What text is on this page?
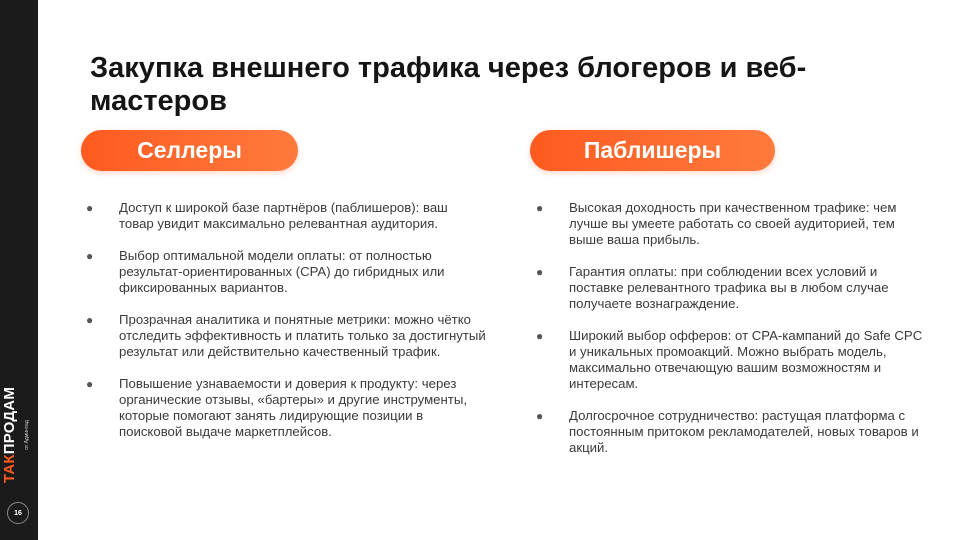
ТАКПРОДАМ от Админтад
16
Закупка внешнего трафика через блогеров и веб-мастеров
Селлеры	Паблишеры
● Доступ к широкой базе партнёров (паблишеров): ваш товар увидит максимально релевантная аудитория.
● Выбор оптимальной модели оплаты: от полностью результат-ориентированных (CPA) до гибридных или фиксированных вариантов.
● Прозрачная аналитика и понятные метрики: можно чётко отследить эффективность и платить только за достигнутый результат или действительно качественный трафик.
● Повышение узнаваемости и доверия к продукту: через органические отзывы, «бартеры» и другие инструменты, которые помогают занять лидирующие позиции в поисковой выдаче маркетплейсов.
● Высокая доходность при качественном трафике: чем лучше вы умеете работать со своей аудиторией, тем выше ваша прибыль.
● Гарантия оплаты: при соблюдении всех условий и поставке релевантного трафика вы в любом случае получаете вознаграждение.
● Широкий выбор офферов: от CPA-кампаний до Safe CPC и уникальных промоакций. Можно выбрать модель, максимально отвечающую вашим возможностям и интересам.
● Долгосрочное сотрудничество: растущая платформа с постоянным притоком рекламодателей, новых товаров и акций.
